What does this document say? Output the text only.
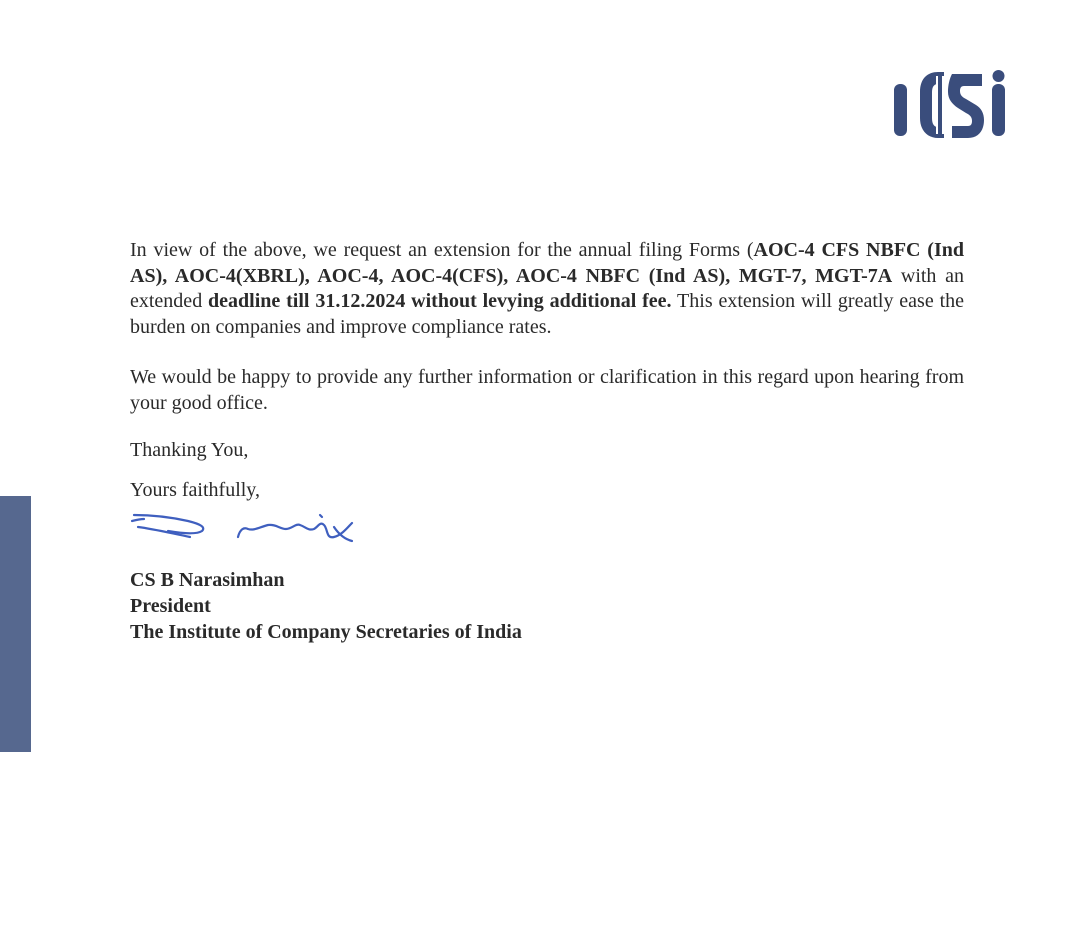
In view of the above, we request an extension for the annual filing Forms (AOC-4 CFS NBFC (Ind AS), AOC-4(XBRL), AOC-4, AOC-4(CFS), AOC-4 NBFC (Ind AS), MGT-7, MGT-7A with an extended deadline till 31.12.2024 without levying additional fee. This extension will greatly ease the burden on companies and improve compliance rates.

We would be happy to provide any further information or clarification in this regard upon hearing from your good office.

Thanking You,

Yours faithfully,

CS B Narasimhan
President
The Institute of Company Secretaries of India
